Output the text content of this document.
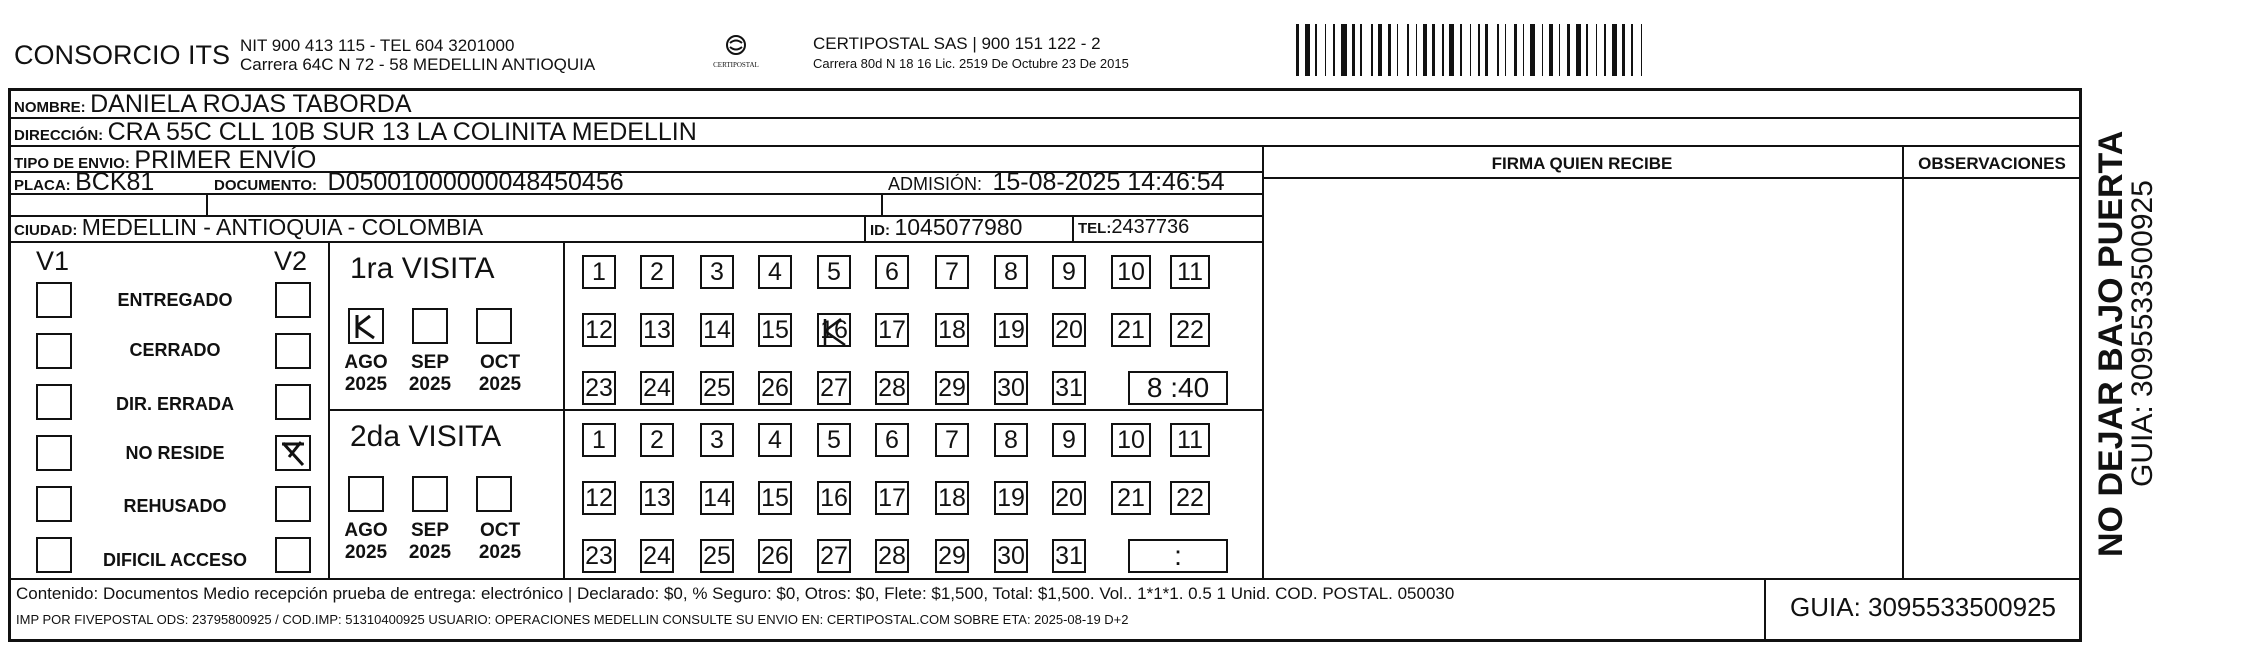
CONSORCIO ITS NIT 900 413 115 - TEL 604 3201000
Carrera 64C N 72 - 58 MEDELLIN ANTIOQUIA	CERTIPOSTAL
CERTIPOSTAL SAS | 900 151 122 - 2
Carrera 80d N 18 16 Lic. 2519 De Octubre 23 De 2015
NOMBRE: DANIELA ROJAS TABORDA
DIRECCIÓN: CRA 55C CLL 10B SUR 13 LA COLINITA MEDELLIN
TIPO DE ENVIO: PRIMER ENVÍO
PLACA: BCK81	DOCUMENTO: D05001000000048450456	ADMISIÓN: 15-08-2025 14:46:54
CIUDAD: MEDELLIN - ANTIOQUIA - COLOMBIA	ID: 1045077980	TEL:2437736
FIRMA QUIEN RECIBE	OBSERVACIONES
V1	V2
ENTREGADO
CERRADO
DIR. ERRADA
NO RESIDE
REHUSADO
DIFICIL ACCESO
1ra VISITA
AGO
2025
SEP
2025
OCT
2025
1	2	3	4	5	6	7	8	9	10 11
12 13 14 15 16 17 18 19 20 21 22
23 24 25 26 27 28 29 30 31	8 :40
2da VISITA
AGO
2025
SEP
2025
OCT
2025
1	2	3	4	5	6	7	8	9	10 11
12 13 14 15 16 17 18 19 20 21 22
23 24 25 26 27 28 29 30 31	:
Contenido: Documentos Medio recepción prueba de entrega: electrónico | Declarado: $0, % Seguro: $0, Otros: $0, Flete: $1,500, Total: $1,500. Vol.. 1*1*1. 0.5 1 Unid. COD. POSTAL. 050030
IMP POR FIVEPOSTAL ODS: 23795800925 / COD.IMP: 51310400925 USUARIO: OPERACIONES MEDELLIN CONSULTE SU ENVIO EN: CERTIPOSTAL.COM SOBRE ETA: 2025-08-19 D+2	GUIA: 3095533500925
NO DEJAR BAJO PUERTA
GUIA: 3095533500925
